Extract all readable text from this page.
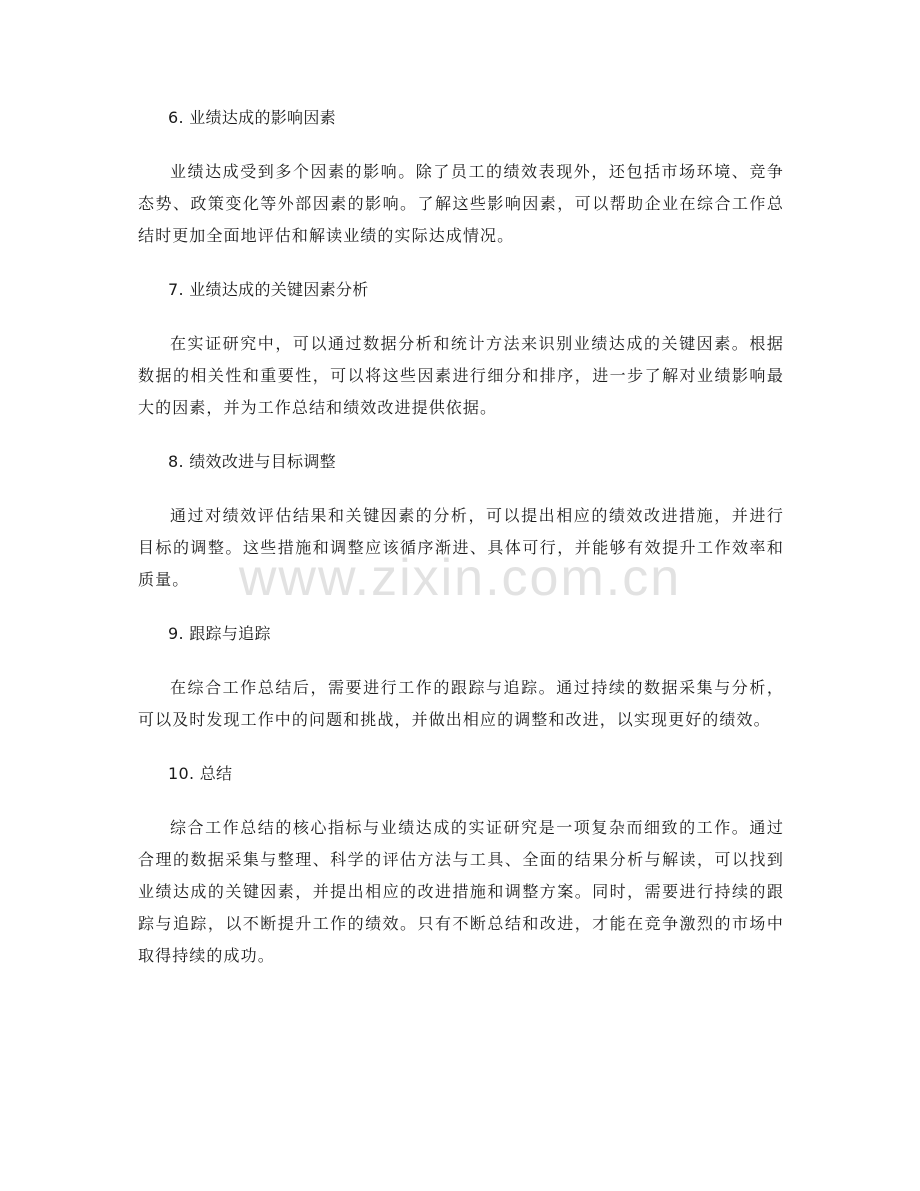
6. 业绩达成的影响因素

业绩达成受到多个因素的影响。除了员工的绩效表现外，还包括市场环境、竞争态势、政策变化等外部因素的影响。了解这些影响因素，可以帮助企业在综合工作总结时更加全面地评估和解读业绩的实际达成情况。

7. 业绩达成的关键因素分析

在实证研究中，可以通过数据分析和统计方法来识别业绩达成的关键因素。根据数据的相关性和重要性，可以将这些因素进行细分和排序，进一步了解对业绩影响最大的因素，并为工作总结和绩效改进提供依据。

8. 绩效改进与目标调整

通过对绩效评估结果和关键因素的分析，可以提出相应的绩效改进措施，并进行目标的调整。这些措施和调整应该循序渐进、具体可行，并能够有效提升工作效率和质量。

9. 跟踪与追踪

在综合工作总结后，需要进行工作的跟踪与追踪。通过持续的数据采集与分析，可以及时发现工作中的问题和挑战，并做出相应的调整和改进，以实现更好的绩效。

10. 总结

综合工作总结的核心指标与业绩达成的实证研究是一项复杂而细致的工作。通过合理的数据采集与整理、科学的评估方法与工具、全面的结果分析与解读，可以找到业绩达成的关键因素，并提出相应的改进措施和调整方案。同时，需要进行持续的跟踪与追踪，以不断提升工作的绩效。只有不断总结和改进，才能在竞争激烈的市场中取得持续的成功。

www.zixin.com.cn
